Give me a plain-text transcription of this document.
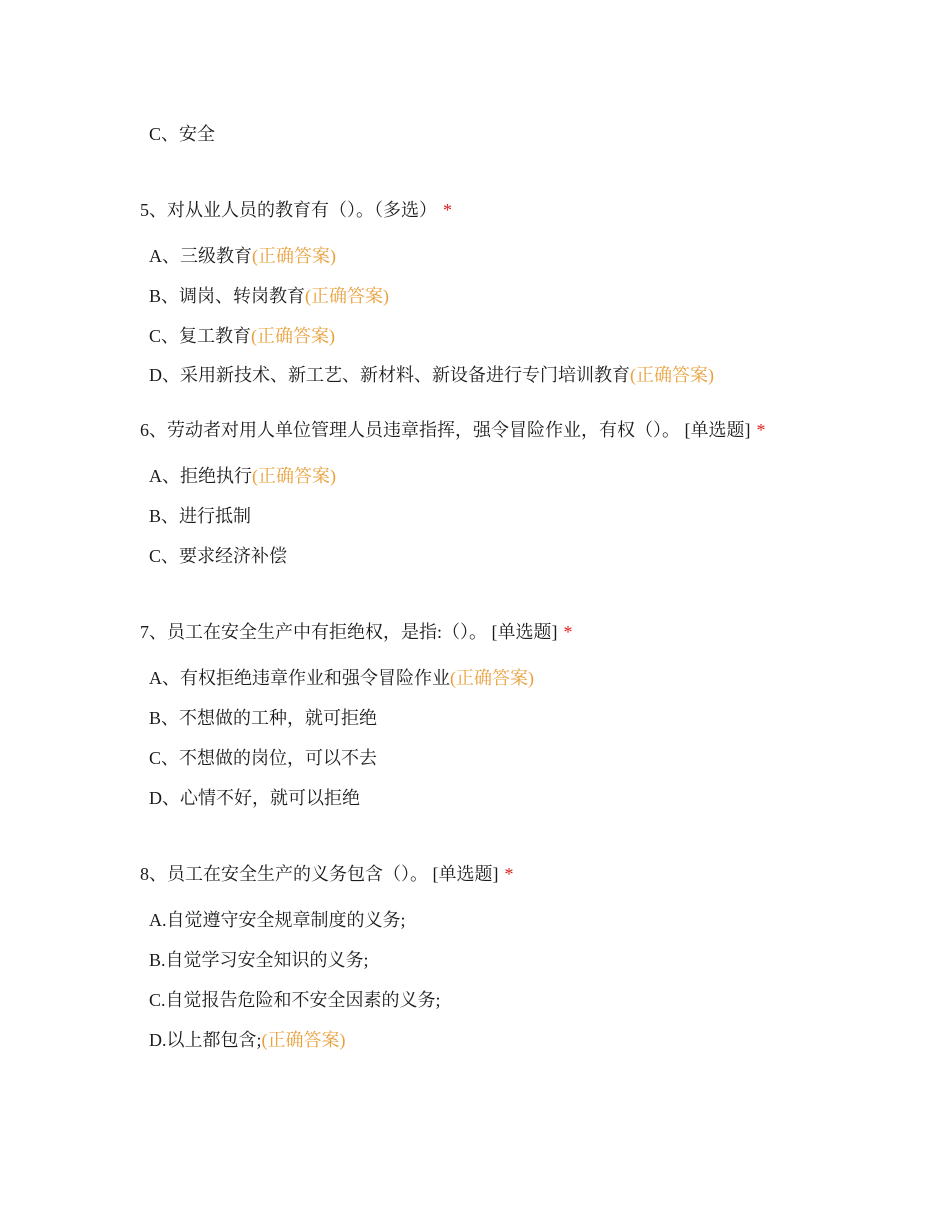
C、安全
5、对从业人员的教育有（）。（多选） *
A、三级教育(正确答案)
B、调岗、转岗教育(正确答案)
C、复工教育(正确答案)
D、采用新技术、新工艺、新材料、新设备进行专门培训教育(正确答案)
6、劳动者对用人单位管理人员违章指挥，强令冒险作业，有权（）。 [单选题] *
A、拒绝执行(正确答案)
B、进行抵制
C、要求经济补偿
7、员工在安全生产中有拒绝权，是指:（）。 [单选题] *
A、有权拒绝违章作业和强令冒险作业(正确答案)
B、不想做的工种，就可拒绝
C、不想做的岗位，可以不去
D、心情不好，就可以拒绝
8、员工在安全生产的义务包含（）。 [单选题] *
A.自觉遵守安全规章制度的义务;
B.自觉学习安全知识的义务;
C.自觉报告危险和不安全因素的义务;
D.以上都包含;(正确答案)
